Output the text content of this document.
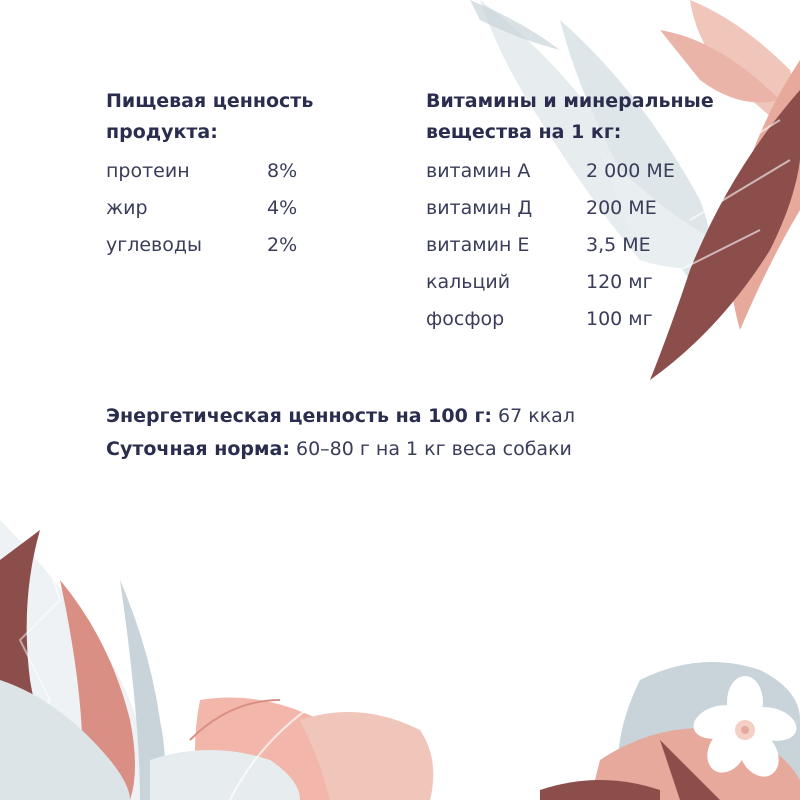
Пищевая ценность
продукта:
протеин	8%
жир	4%
углеводы	2%
Витамины и минеральные
вещества на 1 кг:
витамин А	2 000 МЕ
витамин Д	200 МЕ
витамин Е	3,5 МЕ
кальций	120 мг
фосфор	100 мг
Энергетическая ценность на 100 г: 67 ккал
Суточная норма: 60–80 г на 1 кг веса собаки
